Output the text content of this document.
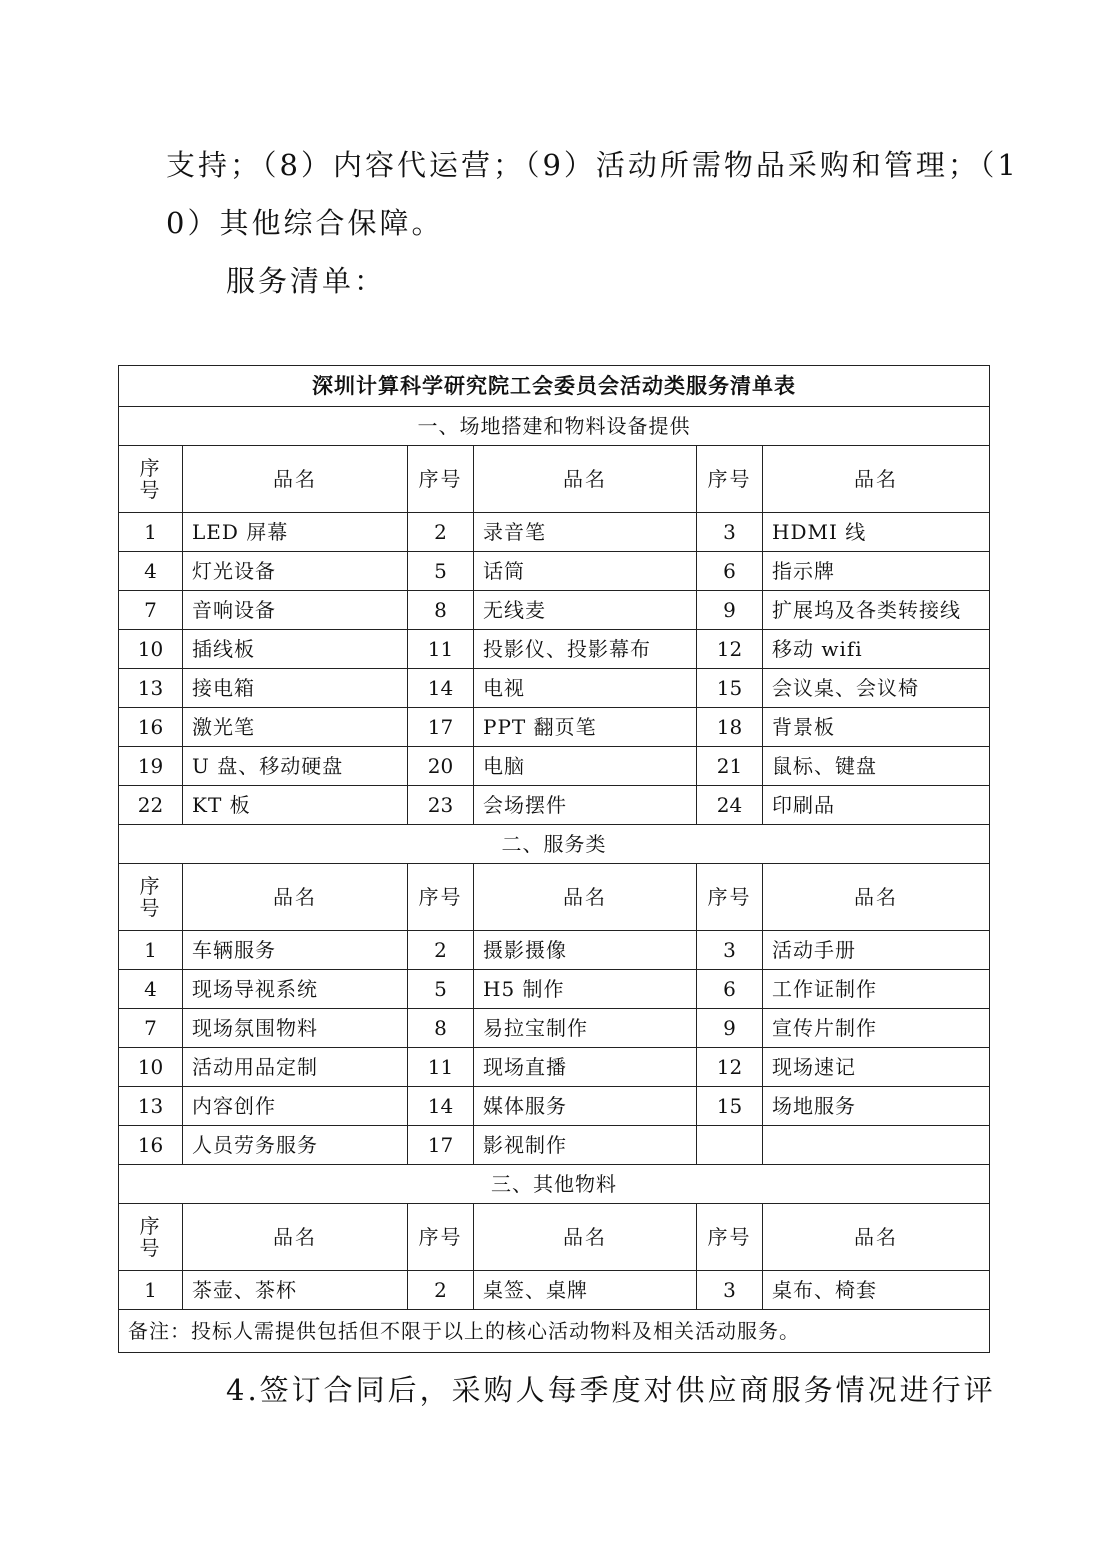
支持；（8）内容代运营；（9）活动所需物品采购和管理；（1

0）其他综合保障。

服务清单：

深圳计算科学研究院工会委员会活动类服务清单表					
一、场地搭建和物料设备提供					

序
号	品名	序号	品名	序号	品名
1	LED 屏幕	2	录音笔	3	HDMI 线
4	灯光设备	5	话筒	6	指示牌
7	音响设备	8	无线麦	9	扩展坞及各类转接线
10	插线板	11	投影仪、投影幕布	12	移动 wifi
13	接电箱	14	电视	15	会议桌、会议椅
16	激光笔	17	PPT 翻页笔	18	背景板
19	U 盘、移动硬盘	20	电脑	21	鼠标、键盘
22	KT 板	23	会场摆件	24	印刷品
二、服务类					

序
号	品名	序号	品名	序号	品名
1	车辆服务	2	摄影摄像	3	活动手册
4	现场导视系统	5	H5 制作	6	工作证制作
7	现场氛围物料	8	易拉宝制作	9	宣传片制作
10	活动用品定制	11	现场直播	12	现场速记
13	内容创作	14	媒体服务	15	场地服务
16	人员劳务服务	17	影视制作		
三、其他物料					

序
号	品名	序号	品名	序号	品名
1	茶壶、茶杯	2	桌签、桌牌	3	桌布、椅套
备注：投标人需提供包括但不限于以上的核心活动物料及相关活动服务。					

4.签订合同后，采购人每季度对供应商服务情况进行评
